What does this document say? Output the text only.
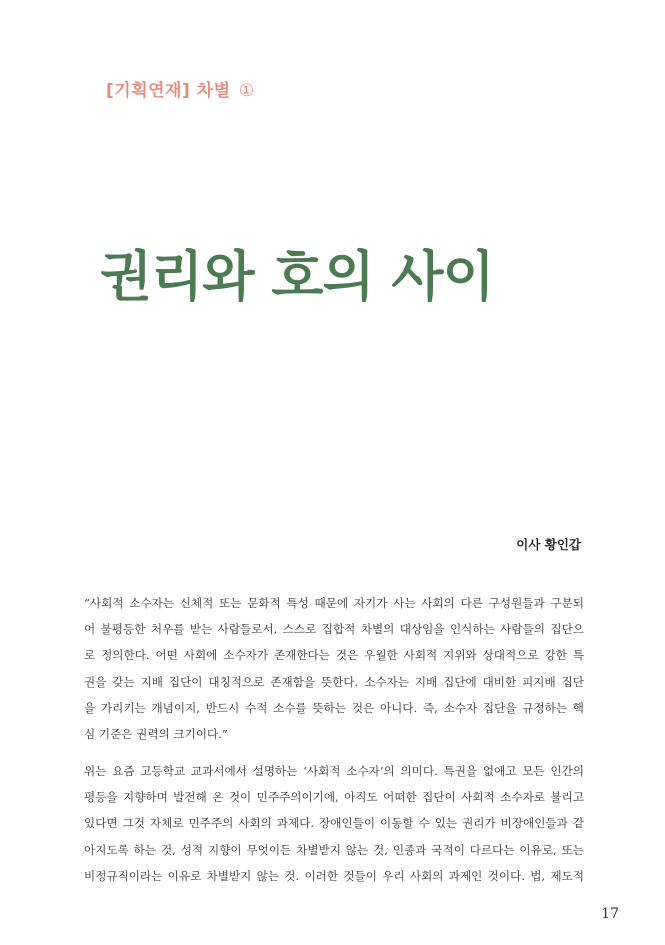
[기획연재] 차별 ①
권리와 호의 사이
이사 황인갑
“사회적 소수자는 신체적 또는 문화적 특성 때문에 자기가 사는 사회의 다른 구성원들과 구분되
어 불평등한 처우를 받는 사람들로서, 스스로 집합적 차별의 대상임을 인식하는 사람들의 집단으
로 정의한다. 어떤 사회에 소수자가 존재한다는 것은 우월한 사회적 지위와 상대적으로 강한 특
권을 갖는 지배 집단이 대칭적으로 존재함을 뜻한다. 소수자는 지배 집단에 대비한 피지배 집단
을 가리키는 개념이지, 반드시 수적 소수를 뜻하는 것은 아니다. 즉, 소수자 집단을 규정하는 핵
심 기준은 권력의 크기이다.”
위는 요즘 고등학교 교과서에서 설명하는 ‘사회적 소수자’의 의미다. 특권을 없애고 모든 인간의
평등을 지향하며 발전해 온 것이 민주주의이기에, 아직도 어떠한 집단이 사회적 소수자로 불리고
있다면 그것 자체로 민주주의 사회의 과제다. 장애인들이 이동할 수 있는 권리가 비장애인들과 같
아지도록 하는 것, 성적 지향이 무엇이든 차별받지 않는 것, 인종과 국적이 다르다는 이유로, 또는
비정규직이라는 이유로 차별받지 않는 것. 이러한 것들이 우리 사회의 과제인 것이다. 법, 제도적
17
